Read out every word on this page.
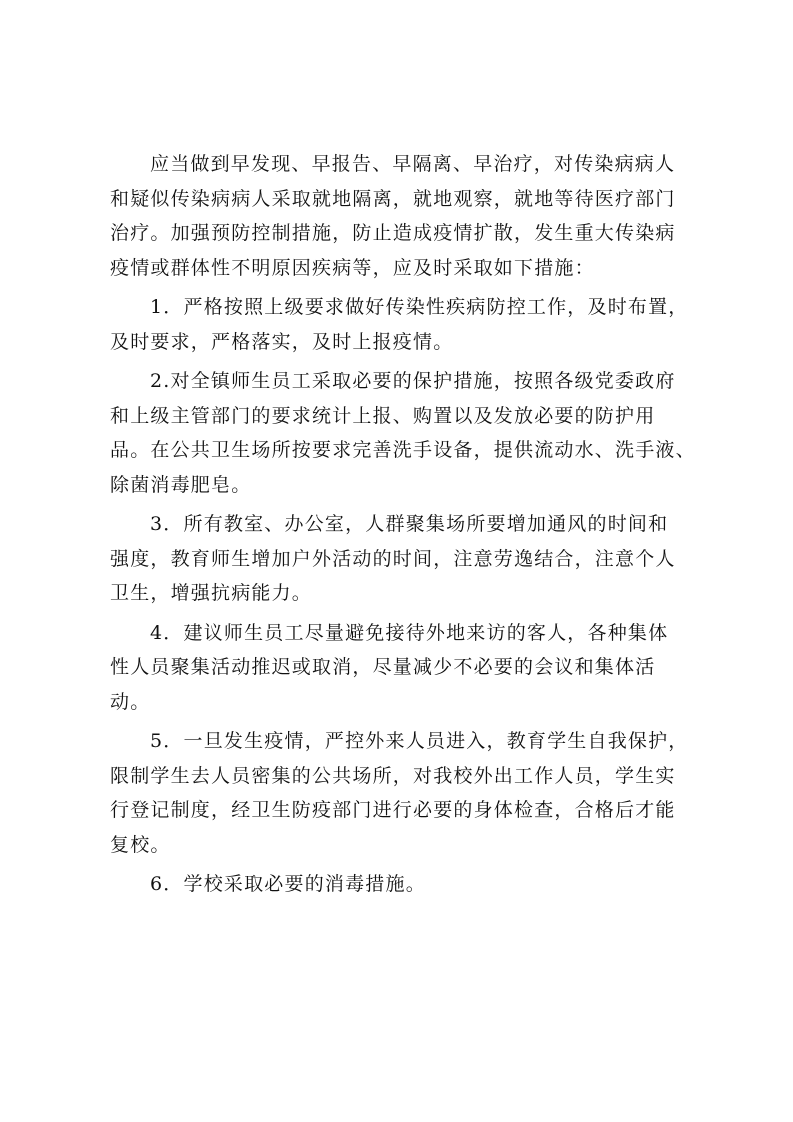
应当做到早发现、早报告、早隔离、早治疗，对传染病病人
和疑似传染病病人采取就地隔离，就地观察，就地等待医疗部门
治疗。加强预防控制措施，防止造成疫情扩散，发生重大传染病
疫情或群体性不明原因疾病等，应及时采取如下措施：

1．严格按照上级要求做好传染性疾病防控工作，及时布置，
及时要求，严格落实，及时上报疫情。

2.对全镇师生员工采取必要的保护措施，按照各级党委政府
和上级主管部门的要求统计上报、购置以及发放必要的防护用
品。在公共卫生场所按要求完善洗手设备，提供流动水、洗手液、
除菌消毒肥皂。

3．所有教室、办公室，人群聚集场所要增加通风的时间和
强度，教育师生增加户外活动的时间，注意劳逸结合，注意个人
卫生，增强抗病能力。

4．建议师生员工尽量避免接待外地来访的客人，各种集体
性人员聚集活动推迟或取消，尽量减少不必要的会议和集体活
动。

5．一旦发生疫情，严控外来人员进入，教育学生自我保护，
限制学生去人员密集的公共场所，对我校外出工作人员，学生实
行登记制度，经卫生防疫部门进行必要的身体检查，合格后才能
复校。

6．学校采取必要的消毒措施。
